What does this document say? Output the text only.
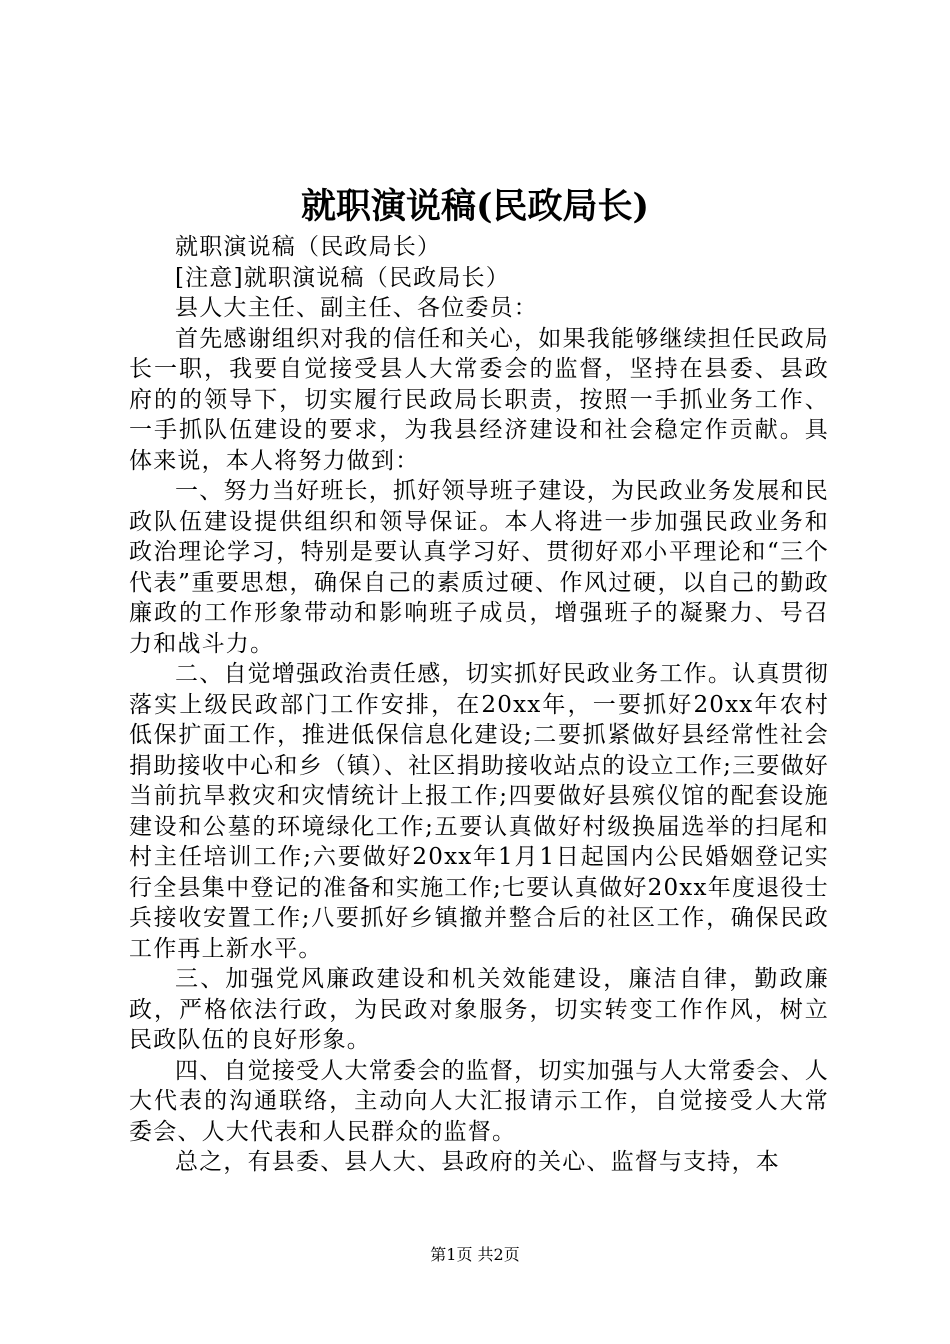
就职演说稿(民政局长)

就职演说稿（民政局长）

[注意]就职演说稿（民政局长）

县人大主任、副主任、各位委员：

首先感谢组织对我的信任和关心，如果我能够继续担任民政局长一职，我要自觉接受县人大常委会的监督，坚持在县委、县政府的的领导下，切实履行民政局长职责，按照一手抓业务工作、一手抓队伍建设的要求，为我县经济建设和社会稳定作贡献。具体来说，本人将努力做到：

一、努力当好班长，抓好领导班子建设，为民政业务发展和民政队伍建设提供组织和领导保证。本人将进一步加强民政业务和政治理论学习，特别是要认真学习好、贯彻好邓小平理论和“三个代表”重要思想，确保自己的素质过硬、作风过硬，以自己的勤政廉政的工作形象带动和影响班子成员，增强班子的凝聚力、号召力和战斗力。

二、自觉增强政治责任感，切实抓好民政业务工作。认真贯彻落实上级民政部门工作安排，在20xx年，一要抓好20xx年农村低保扩面工作，推进低保信息化建设;二要抓紧做好县经常性社会捐助接收中心和乡（镇）、社区捐助接收站点的设立工作;三要做好当前抗旱救灾和灾情统计上报工作;四要做好县殡仪馆的配套设施建设和公墓的环境绿化工作;五要认真做好村级换届选举的扫尾和村主任培训工作;六要做好20xx年1月1日起国内公民婚姻登记实行全县集中登记的准备和实施工作;七要认真做好20xx年度退役士兵接收安置工作;八要抓好乡镇撤并整合后的社区工作，确保民政工作再上新水平。

三、加强党风廉政建设和机关效能建设，廉洁自律，勤政廉政，严格依法行政，为民政对象服务，切实转变工作作风，树立民政队伍的良好形象。

四、自觉接受人大常委会的监督，切实加强与人大常委会、人大代表的沟通联络，主动向人大汇报请示工作，自觉接受人大常委会、人大代表和人民群众的监督。

总之，有县委、县人大、县政府的关心、监督与支持，本

第1页 共2页
